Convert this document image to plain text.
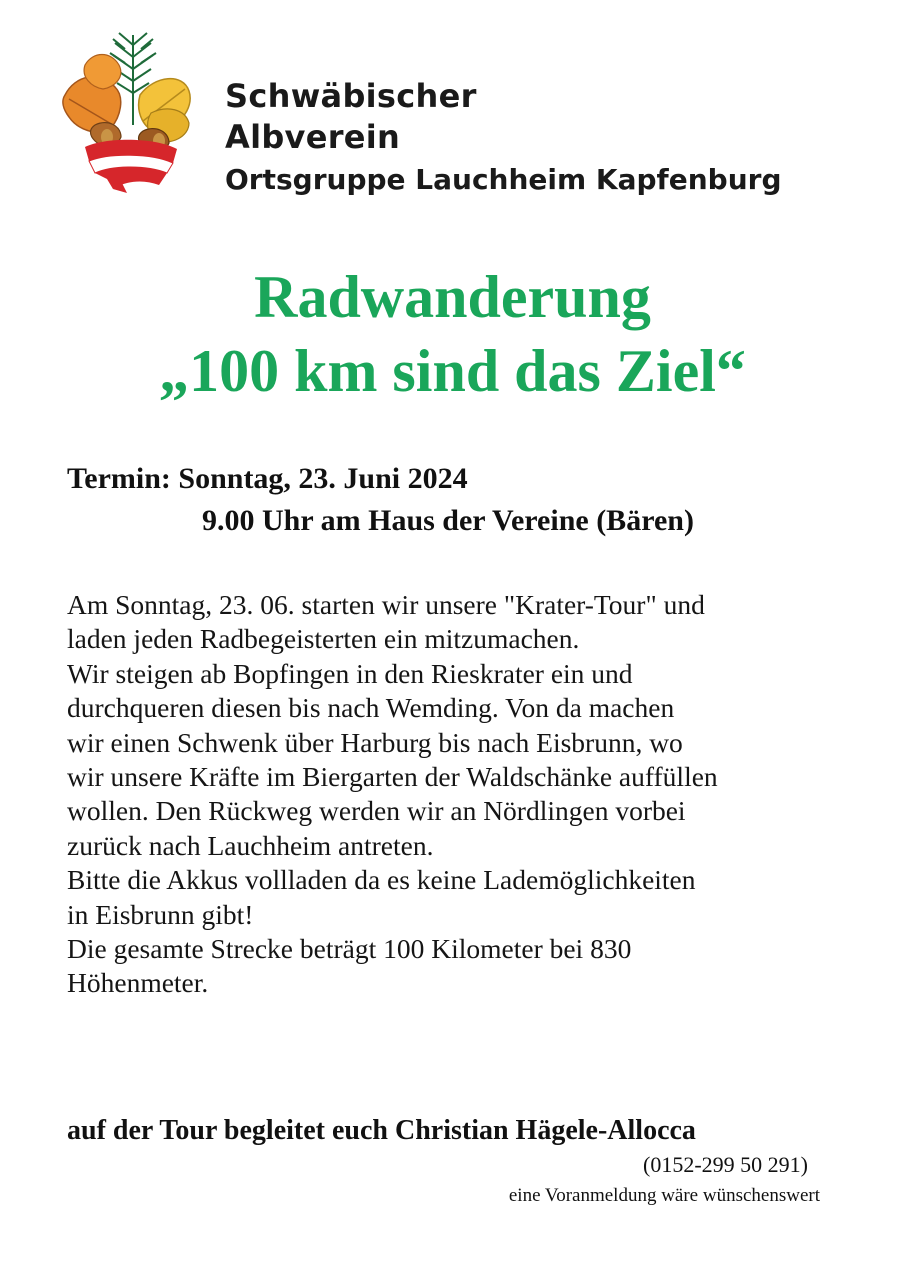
Schwäbischer
Albverein
Ortsgruppe Lauchheim Kapfenburg
Radwanderung
„100 km sind das Ziel“
Termin: Sonntag, 23. Juni 2024
9.00 Uhr am Haus der Vereine (Bären)
Am Sonntag, 23. 06. starten wir unsere "Krater-Tour" und
laden jeden Radbegeisterten ein mitzumachen.
Wir steigen ab Bopfingen in den Rieskrater ein und
durchqueren diesen bis nach Wemding. Von da machen
wir einen Schwenk über Harburg bis nach Eisbrunn, wo
wir unsere Kräfte im Biergarten der Waldschänke auffüllen
wollen. Den Rückweg werden wir an Nördlingen vorbei
zurück nach Lauchheim antreten.
Bitte die Akkus vollladen da es keine Lademöglichkeiten
in Eisbrunn gibt!
Die gesamte Strecke beträgt 100 Kilometer bei 830
Höhenmeter.
auf der Tour begleitet euch Christian Hägele-Allocca
(0152-299 50 291)
eine Voranmeldung wäre wünschenswert
